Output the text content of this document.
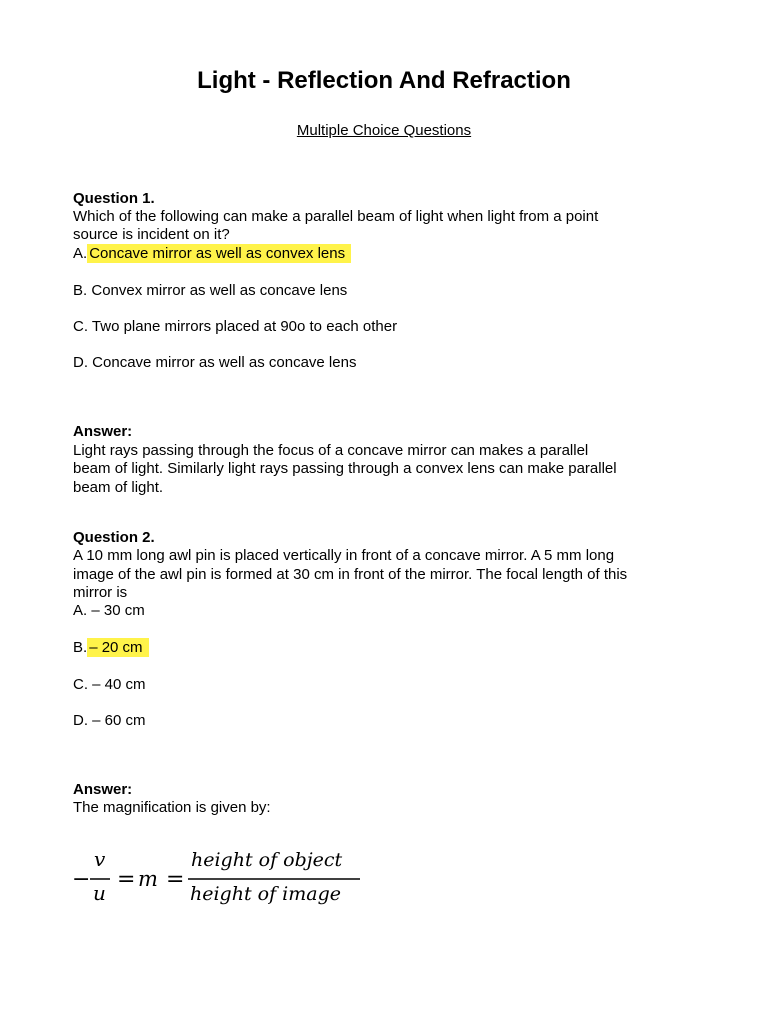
Light - Reflection And Refraction
Multiple Choice Questions
Question 1.
Which of the following can make a parallel beam of light when light from a point
source is incident on it?
A. Concave mirror as well as convex lens
B. Convex mirror as well as concave lens
C. Two plane mirrors placed at 90o to each other
D. Concave mirror as well as concave lens
Answer:
Light rays passing through the focus of a concave mirror can makes a parallel
beam of light. Similarly light rays passing through a convex lens can make parallel
beam of light.
Question 2.
A 10 mm long awl pin is placed vertically in front of a concave mirror. A 5 mm long
image of the awl pin is formed at 30 cm in front of the mirror. The focal length of this
mirror is
A. – 30 cm
B. – 20 cm
C. – 40 cm
D. – 60 cm
Answer:
The magnification is given by:
−
v
u
= m =
height of object
height of image
